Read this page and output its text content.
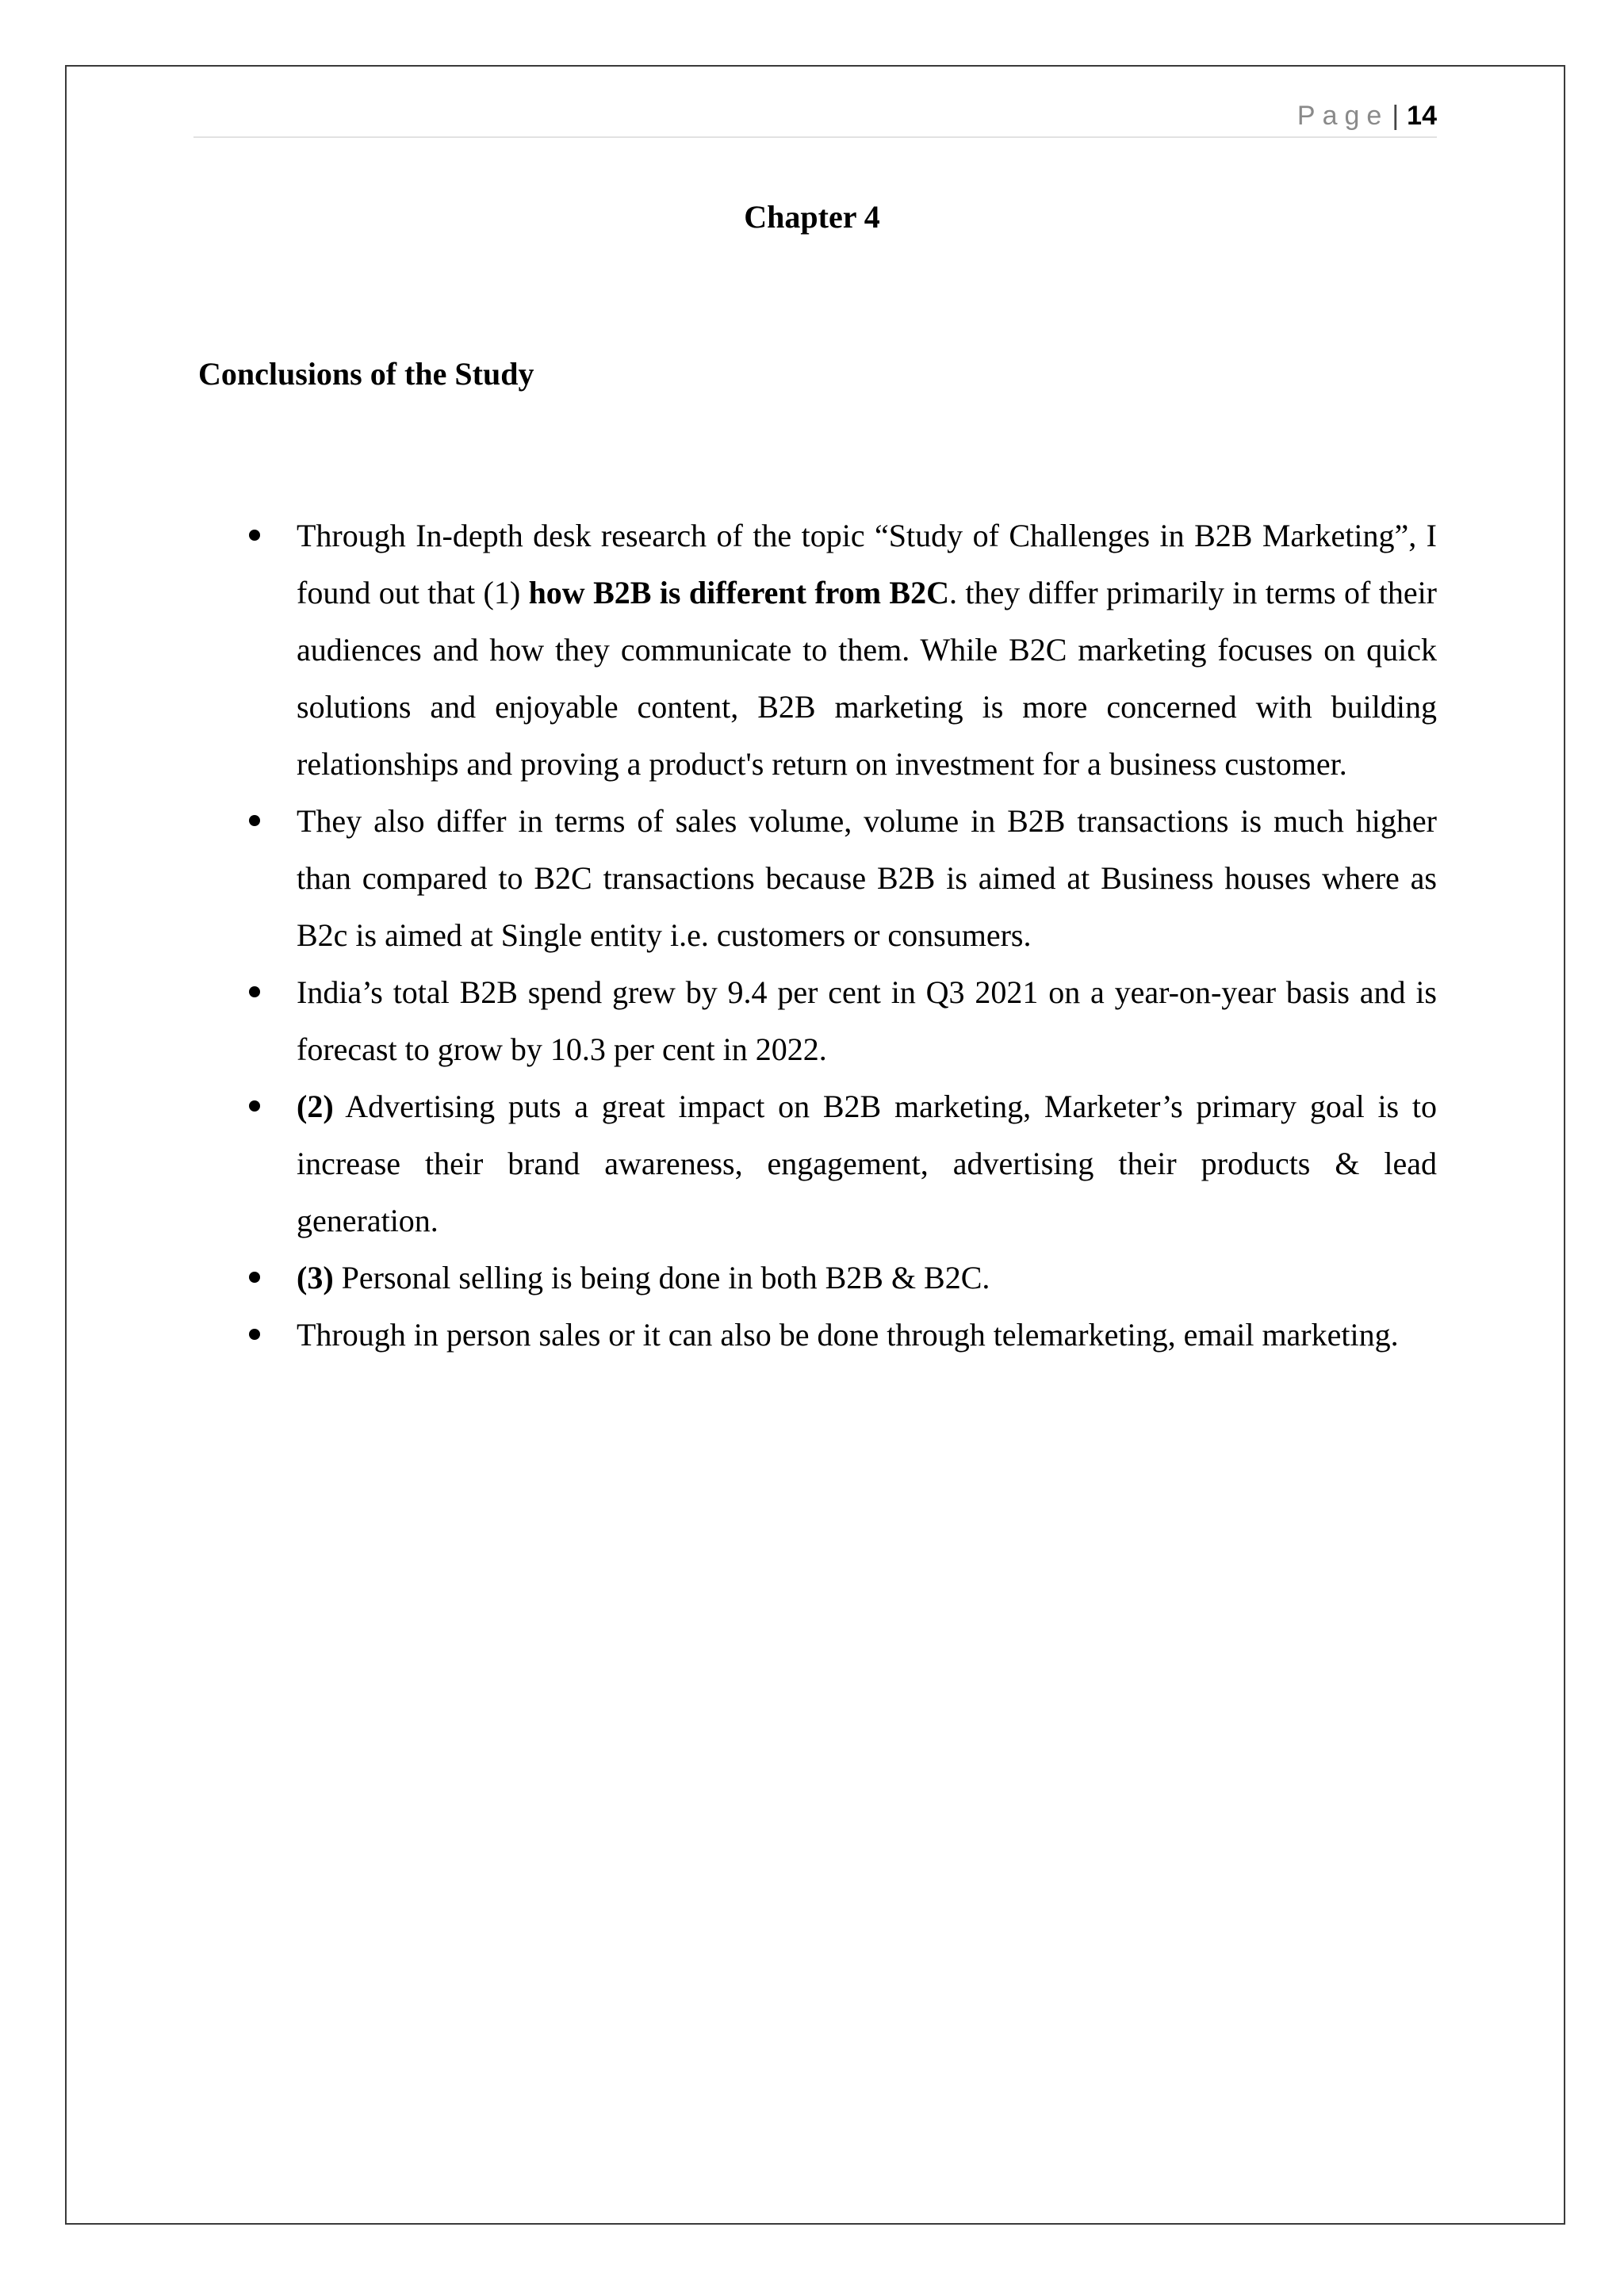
Page | 14
Chapter 4
Conclusions of the Study
Through In-depth desk research of the topic “Study of Challenges in B2B Marketing”, I found out that (1) how B2B is different from B2C. they differ primarily in terms of their audiences and how they communicate to them. While B2C marketing focuses on quick solutions and enjoyable content, B2B marketing is more concerned with building relationships and proving a product's return on investment for a business customer.
They also differ in terms of sales volume, volume in B2B transactions is much higher than compared to B2C transactions because B2B is aimed at Business houses where as B2c is aimed at Single entity i.e. customers or consumers.
India’s total B2B spend grew by 9.4 per cent in Q3 2021 on a year-on-year basis and is forecast to grow by 10.3 per cent in 2022.
(2) Advertising puts a great impact on B2B marketing, Marketer’s primary goal is to increase their brand awareness, engagement, advertising their products & lead generation.
(3) Personal selling is being done in both B2B & B2C.
Through in person sales or it can also be done through telemarketing, email marketing.
